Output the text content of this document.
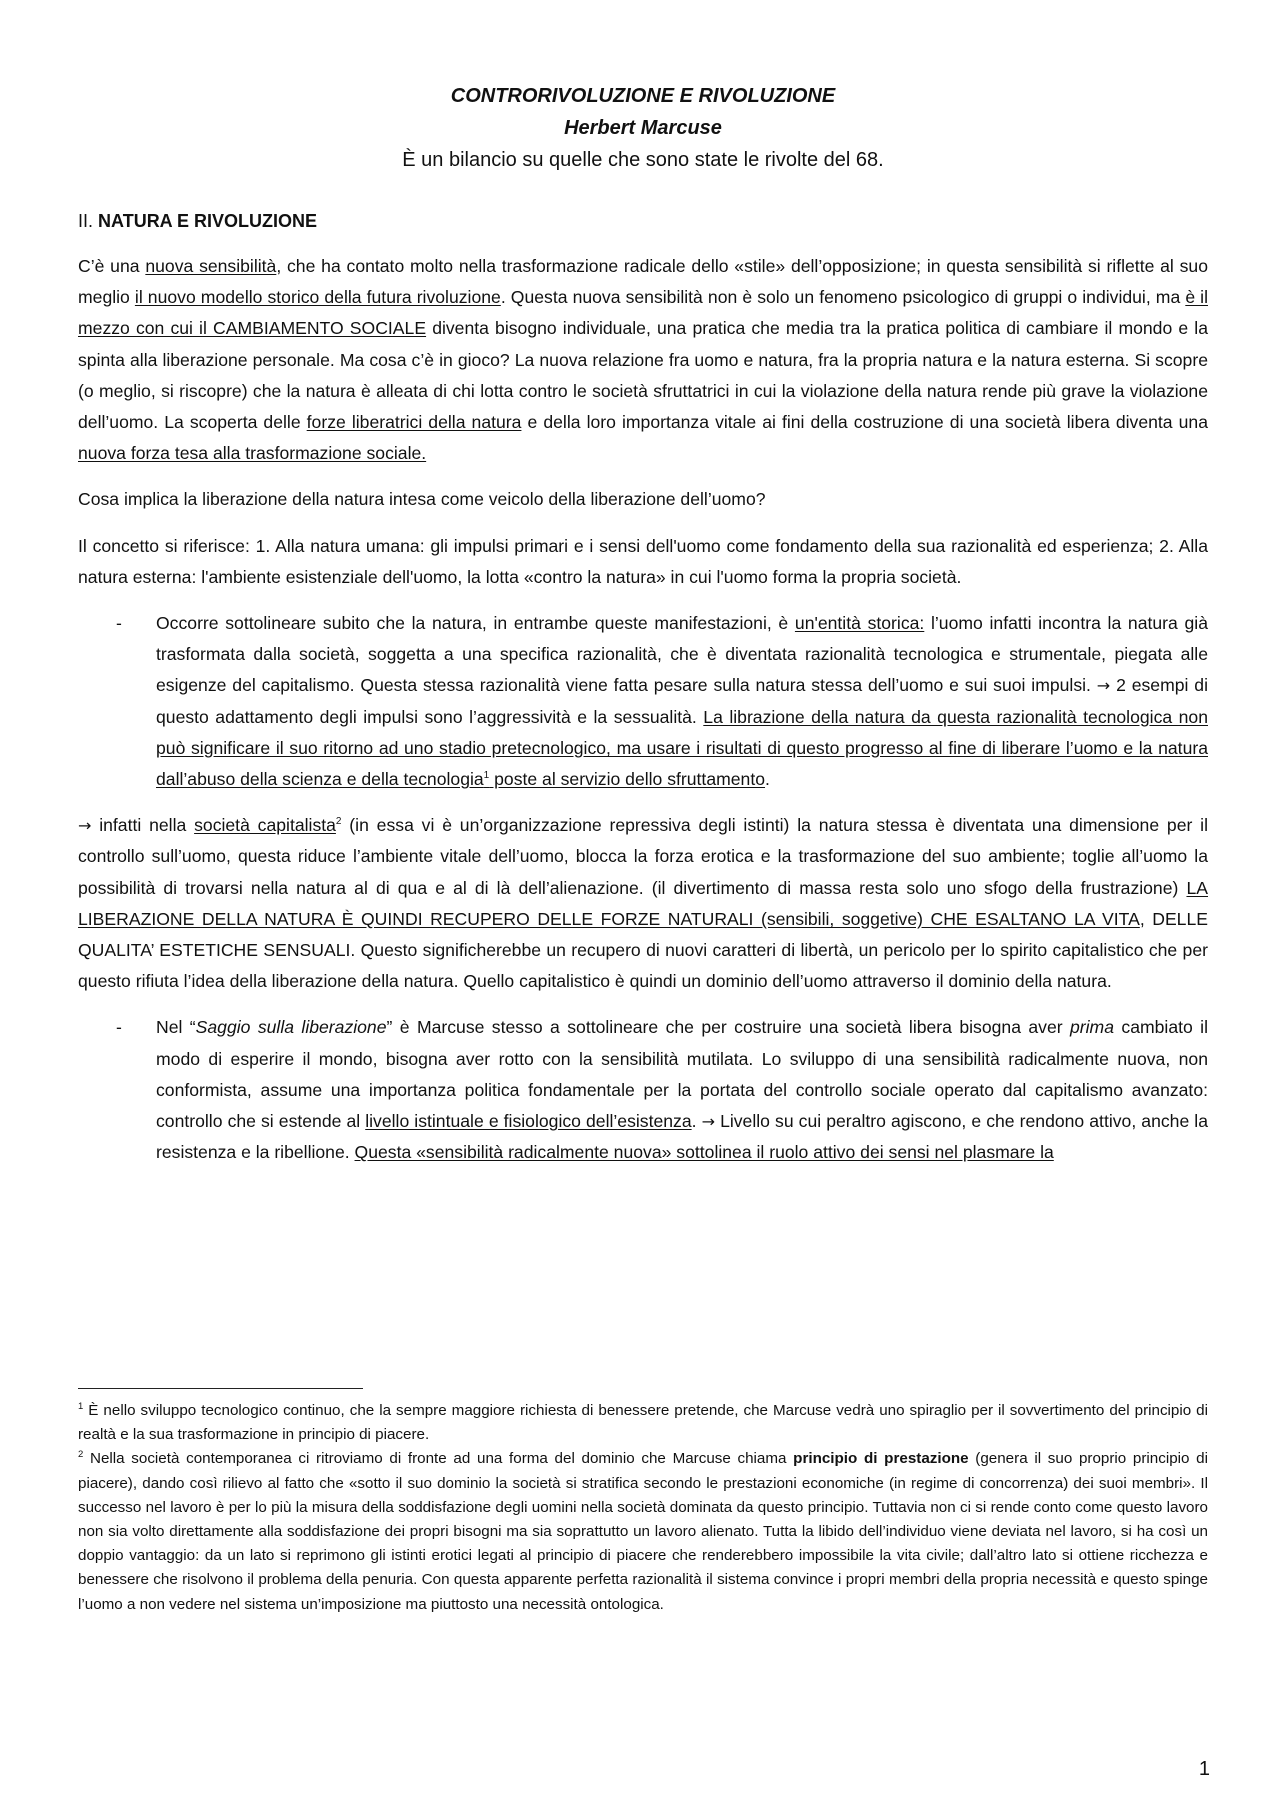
CONTRORIVOLUZIONE E RIVOLUZIONE
Herbert Marcuse
È un bilancio su quelle che sono state le rivolte del 68.
II. NATURA E RIVOLUZIONE

C’è una nuova sensibilità, che ha contato molto nella trasformazione radicale dello «stile» dell’opposizione; in questa sensibilità si riflette al suo meglio il nuovo modello storico della futura rivoluzione. Questa nuova sensibilità non è solo un fenomeno psicologico di gruppi o individui, ma è il mezzo con cui il CAMBIAMENTO SOCIALE diventa bisogno individuale, una pratica che media tra la pratica politica di cambiare il mondo e la spinta alla liberazione personale. Ma cosa c’è in gioco? La nuova relazione fra uomo e natura, fra la propria natura e la natura esterna. Si scopre (o meglio, si riscopre) che la natura è alleata di chi lotta contro le società sfruttatrici in cui la violazione della natura rende più grave la violazione dell’uomo. La scoperta delle forze liberatrici della natura e della loro importanza vitale ai fini della costruzione di una società libera diventa una nuova forza tesa alla trasformazione sociale.

Cosa implica la liberazione della natura intesa come veicolo della liberazione dell’uomo?

Il concetto si riferisce: 1. Alla natura umana: gli impulsi primari e i sensi dell'uomo come fondamento della sua razionalità ed esperienza; 2. Alla natura esterna: l'ambiente esistenziale dell'uomo, la lotta «contro la natura» in cui l'uomo forma la propria società.

- Occorre sottolineare subito che la natura, in entrambe queste manifestazioni, è un'entità storica: l’uomo infatti incontra la natura già trasformata dalla società, soggetta a una specifica razionalità, che è diventata razionalità tecnologica e strumentale, piegata alle esigenze del capitalismo. Questa stessa razionalità viene fatta pesare sulla natura stessa dell’uomo e sui suoi impulsi. → 2 esempi di questo adattamento degli impulsi sono l’aggressività e la sessualità. La librazione della natura da questa razionalità tecnologica non può significare il suo ritorno ad uno stadio pretecnologico, ma usare i risultati di questo progresso al fine di liberare l’uomo e la natura dall’abuso della scienza e della tecnologia$^1$ poste al servizio dello sfruttamento.

→ infatti nella società capitalista$^2$ (in essa vi è un’organizzazione repressiva degli istinti) la natura stessa è diventata una dimensione per il controllo sull’uomo, questa riduce l’ambiente vitale dell’uomo, blocca la forza erotica e la trasformazione del suo ambiente; toglie all’uomo la possibilità di trovarsi nella natura al di qua e al di là dell’alienazione. (il divertimento di massa resta solo uno sfogo della frustrazione) LA LIBERAZIONE DELLA NATURA È QUINDI RECUPERO DELLE FORZE NATURALI (sensibili, soggetive) CHE ESALTANO LA VITA, DELLE QUALITA’ ESTETICHE SENSUALI. Questo significherebbe un recupero di nuovi caratteri di libertà, un pericolo per lo spirito capitalistico che per questo rifiuta l’idea della liberazione della natura. Quello capitalistico è quindi un dominio dell’uomo attraverso il dominio della natura.

- Nel “Saggio sulla liberazione” è Marcuse stesso a sottolineare che per costruire una società libera bisogna aver prima cambiato il modo di esperire il mondo, bisogna aver rotto con la sensibilità mutilata. Lo sviluppo di una sensibilità radicalmente nuova, non conformista, assume una importanza politica fondamentale per la portata del controllo sociale operato dal capitalismo avanzato: controllo che si estende al livello istintuale e fisiologico dell’esistenza. → Livello su cui peraltro agiscono, e che rendono attivo, anche la resistenza e la ribellione. Questa «sensibilità radicalmente nuova» sottolinea il ruolo attivo dei sensi nel plasmare la

$^1$ È nello sviluppo tecnologico continuo, che la sempre maggiore richiesta di benessere pretende, che Marcuse vedrà uno spiraglio per il sovvertimento del principio di realtà e la sua trasformazione in principio di piacere.

$^2$ Nella società contemporanea ci ritroviamo di fronte ad una forma del dominio che Marcuse chiama principio di prestazione (genera il suo proprio principio di piacere), dando così rilievo al fatto che «sotto il suo dominio la società si stratifica secondo le prestazioni economiche (in regime di concorrenza) dei suoi membri». Il successo nel lavoro è per lo più la misura della soddisfazione degli uomini nella società dominata da questo principio. Tuttavia non ci si rende conto come questo lavoro non sia volto direttamente alla soddisfazione dei propri bisogni ma sia soprattutto un lavoro alienato. Tutta la libido dell’individuo viene deviata nel lavoro, si ha così un doppio vantaggio: da un lato si reprimono gli istinti erotici legati al principio di piacere che renderebbero impossibile la vita civile; dall’altro lato si ottiene ricchezza e benessere che risolvono il problema della penuria. Con questa apparente perfetta razionalità il sistema convince i propri membri della propria necessità e questo spinge l’uomo a non vedere nel sistema un’imposizione ma piuttosto una necessità ontologica.

1
